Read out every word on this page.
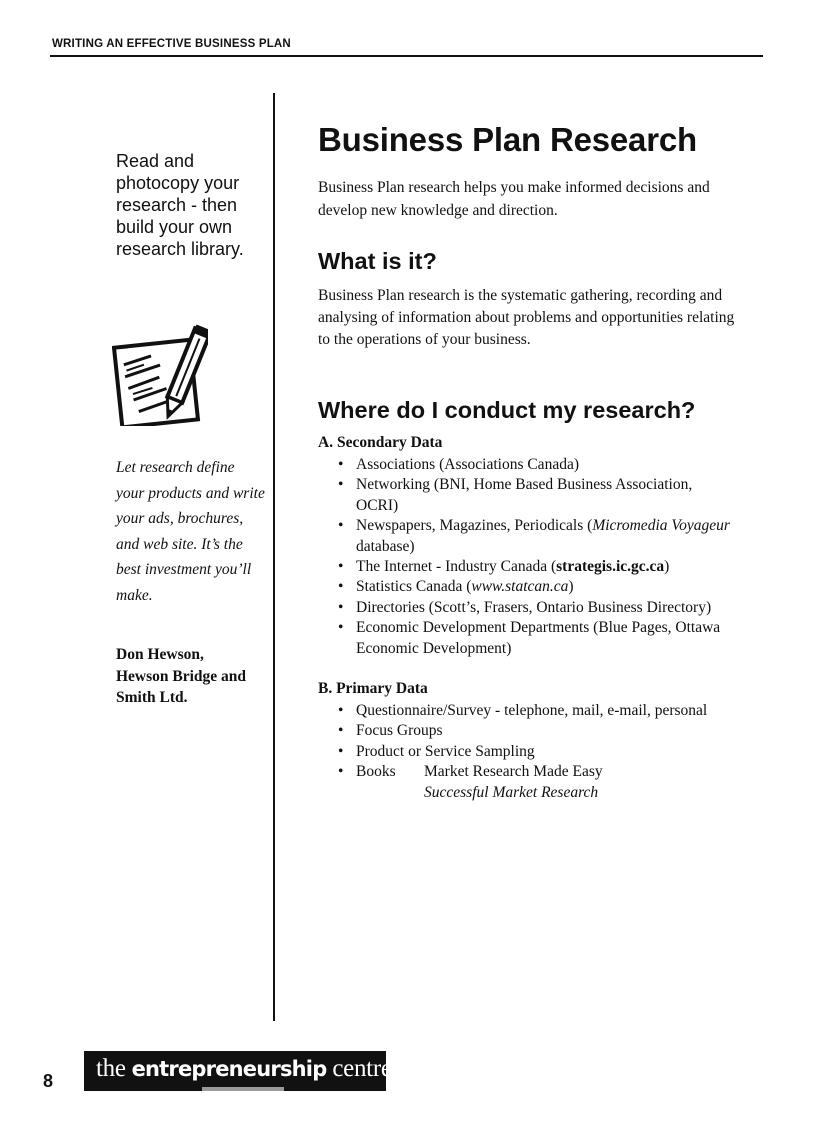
WRITING AN EFFECTIVE BUSINESS PLAN
Read and photocopy your research - then build your own research library.
Let research define your products and write your ads, brochures, and web site. It’s the best investment you’ll make.
Don Hewson,
Hewson Bridge and Smith Ltd.
Business Plan Research
Business Plan research helps you make informed decisions and develop new knowledge and direction.
What is it?
Business Plan research is the systematic gathering, recording and analysing of information about problems and opportunities relating to the operations of your business.
Where do I conduct my research?
A. Secondary Data
• Associations (Associations Canada)
• Networking (BNI, Home Based Business Association, OCRI)
• Newspapers, Magazines, Periodicals (Micromedia Voyageur database)
• The Internet - Industry Canada (strategis.ic.gc.ca)
• Statistics Canada (www.statcan.ca)
• Directories (Scott’s, Frasers, Ontario Business Directory)
• Economic Development Departments (Blue Pages, Ottawa Economic Development)
B. Primary Data
• Questionnaire/Survey - telephone, mail, e-mail, personal
• Focus Groups
• Product or Service Sampling
• Books Market Research Made Easy
Successful Market Research
8 the entrepreneurship centre
